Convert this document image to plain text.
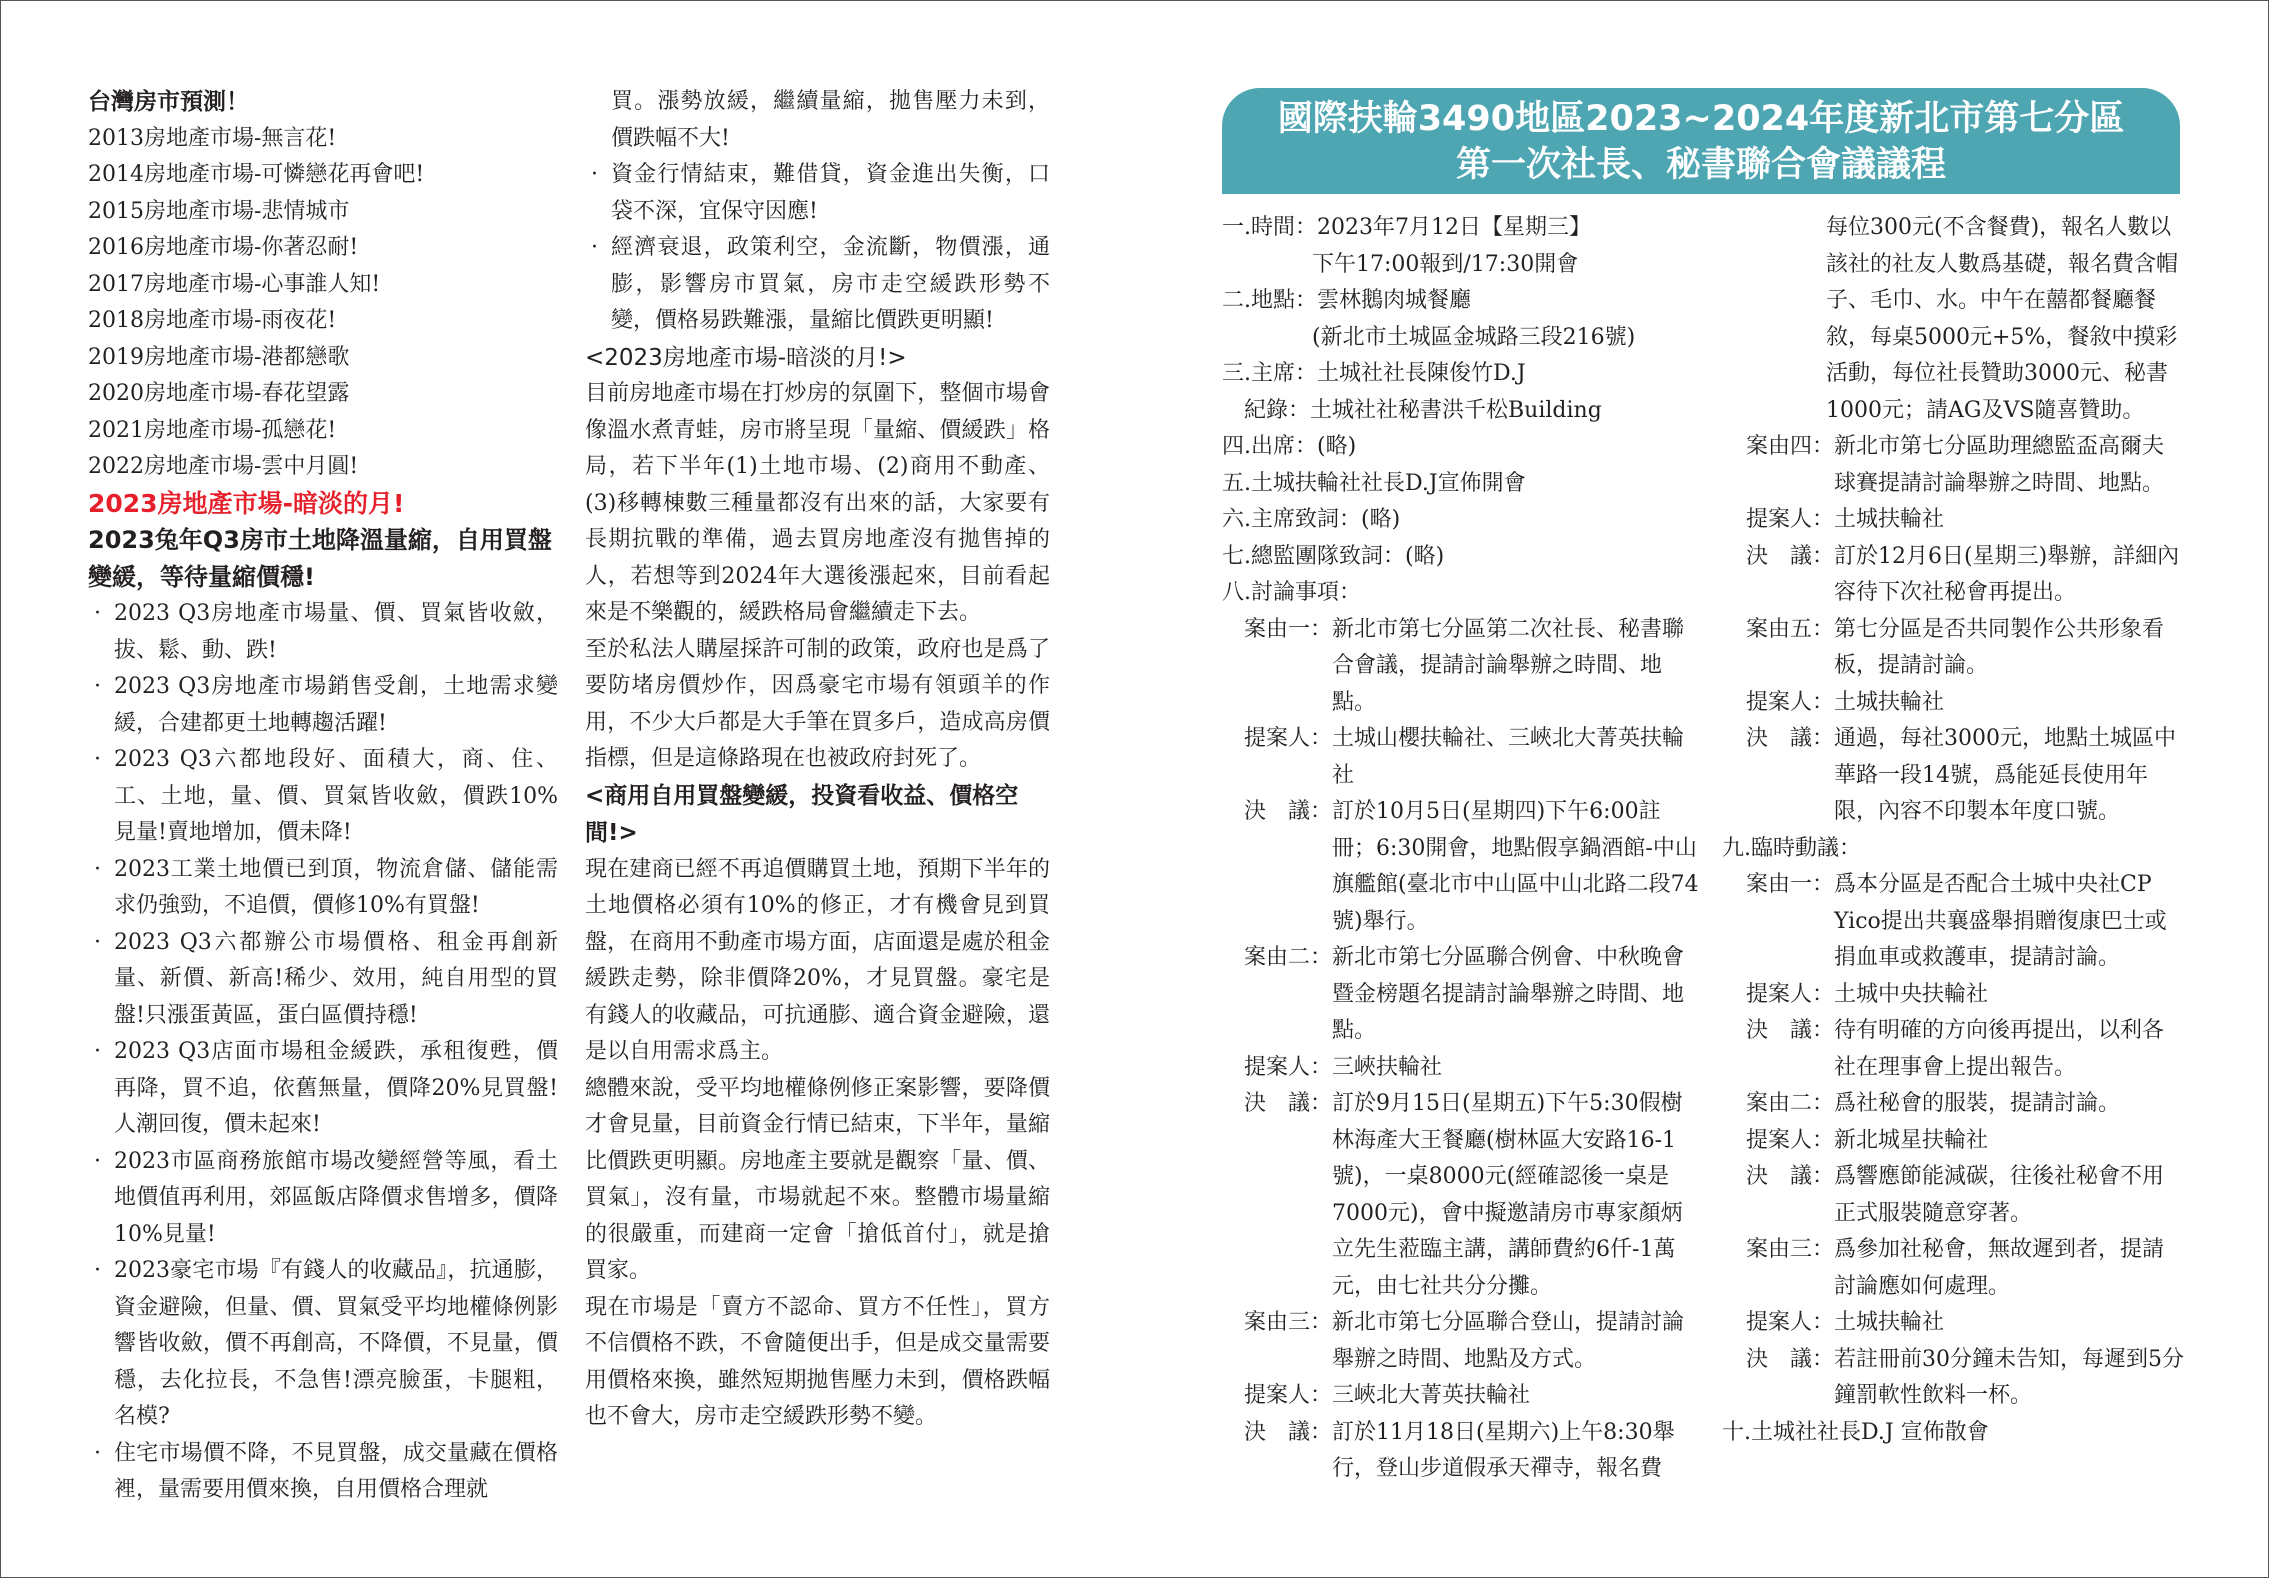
台灣房市預測！
2013房地產市場-無言花!
2014房地產市場-可憐戀花再會吧!
2015房地產市場-悲情城市
2016房地產市場-你著忍耐!
2017房地產市場-心事誰人知!
2018房地產市場-雨夜花!
2019房地產市場-港都戀歌
2020房地產市場-春花望露
2021房地產市場-孤戀花!
2022房地產市場-雲中月圓!
2023房地產市場-暗淡的月!
2023兔年Q3房市土地降溫量縮，自用買盤變緩，等待量縮價穩!
· 2023 Q3房地產市場量、價、買氣皆收斂，拔、鬆、動、跌!
· 2023 Q3房地產市場銷售受創，土地需求變緩，合建都更土地轉趨活躍!
· 2023 Q3六都地段好、面積大，商、住、工、土地，量、價、買氣皆收斂，價跌10%見量!賣地增加，價未降!
· 2023工業土地價已到頂，物流倉儲、儲能需求仍強勁，不追價，價修10%有買盤!
· 2023 Q3六都辦公市場價格、租金再創新量、新價、新高!稀少、效用，純自用型的買盤!只漲蛋黃區，蛋白區價持穩!
· 2023 Q3店面市場租金緩跌，承租復甦，價再降，買不追，依舊無量，價降20%見買盤!人潮回復，價未起來!
· 2023市區商務旅館市場改變經營等風，看土地價值再利用，郊區飯店降價求售增多，價降10%見量!
· 2023豪宅市場『有錢人的收藏品』，抗通膨，資金避險，但量、價、買氣受平均地權條例影響皆收斂，價不再創高，不降價，不見量，價穩，去化拉長，不急售!漂亮臉蛋，卡腿粗，名模?
· 住宅市場價不降，不見買盤，成交量藏在價格裡，量需要用價來換，自用價格合理就
買。漲勢放緩，繼續量縮，拋售壓力未到，價跌幅不大!
· 資金行情結束，難借貸，資金進出失衡，口袋不深，宜保守因應!
· 經濟衰退，政策利空，金流斷，物價漲，通膨，影響房市買氣，房市走空緩跌形勢不變，價格易跌難漲，量縮比價跌更明顯!
<2023房地產市場-暗淡的月!>

目前房地產市場在打炒房的氛圍下，整個市場會像溫水煮青蛙，房市將呈現「量縮、價緩跌」格局，若下半年(1)土地市場、(2)商用不動產、(3)移轉棟數三種量都沒有出來的話，大家要有長期抗戰的準備，過去買房地產沒有拋售掉的人，若想等到2024年大選後漲起來，目前看起來是不樂觀的，緩跌格局會繼續走下去。

至於私法人購屋採許可制的政策，政府也是爲了要防堵房價炒作，因爲豪宅市場有領頭羊的作用，不少大戶都是大手筆在買多戶，造成高房價指標，但是這條路現在也被政府封死了。

<商用自用買盤變緩，投資看收益、價格空間!>

現在建商已經不再追價購買土地，預期下半年的土地價格必須有10%的修正，才有機會見到買盤，在商用不動產市場方面，店面還是處於租金緩跌走勢，除非價降20%，才見買盤。豪宅是有錢人的收藏品，可抗通膨、適合資金避險，還是以自用需求爲主。

總體來說，受平均地權條例修正案影響，要降價才會見量，目前資金行情已結束，下半年，量縮比價跌更明顯。房地產主要就是觀察「量、價、買氣」，沒有量，市場就起不來。整體市場量縮的很嚴重，而建商一定會「搶低首付」，就是搶買家。

現在市場是「賣方不認命、買方不任性」，買方不信價格不跌，不會隨便出手，但是成交量需要用價格來換，雖然短期拋售壓力未到，價格跌幅也不會大，房市走空緩跌形勢不變。

國際扶輪3490地區2023~2024年度新北市第七分區
第一次社長、秘書聯合會議議程
一.時間： 2023年7月12日【星期三】
下午17:00報到/17:30開會
二.地點： 雲林鵝肉城餐廳
(新北市土城區金城路三段216號)
三.主席： 土城社社長陳俊竹D.J
　紀錄： 土城社社秘書洪千松Building
四.出席： (略)
五.土城扶輪社社長D.J宣佈開會
六.主席致詞： (略)
七.總監團隊致詞： (略)
八.討論事項：
案由一： 新北市第七分區第二次社長、秘書聯合會議，提請討論舉辦之時間、地點。
提案人： 土城山櫻扶輪社、三峽北大菁英扶輪社
決　議： 訂於10月5日(星期四)下午6:00註冊；6:30開會，地點假享鍋酒館-中山旗艦館(臺北市中山區中山北路二段74號)舉行。
案由二： 新北市第七分區聯合例會、中秋晚會暨金榜題名提請討論舉辦之時間、地點。
提案人： 三峽扶輪社
決　議： 訂於9月15日(星期五)下午5:30假樹林海產大王餐廳(樹林區大安路16-1號)，一桌8000元(經確認後一桌是7000元)，會中擬邀請房市專家顏炳立先生蒞臨主講，講師費約6仟-1萬元，由七社共分分攤。
案由三： 新北市第七分區聯合登山，提請討論舉辦之時間、地點及方式。
提案人： 三峽北大菁英扶輪社
決　議： 訂於11月18日(星期六)上午8:30舉行，登山步道假承天禪寺，報名費
每位300元(不含餐費)，報名人數以該社的社友人數爲基礎，報名費含帽子、毛巾、水。中午在囍都餐廳餐敘，每桌5000元+5%，餐敘中摸彩活動，每位社長贊助3000元、秘書1000元；請AG及VS隨喜贊助。
案由四： 新北市第七分區助理總監盃高爾夫球賽提請討論舉辦之時間、地點。
提案人： 土城扶輪社
決　議： 訂於12月6日(星期三)舉辦，詳細內容待下次社秘會再提出。
案由五： 第七分區是否共同製作公共形象看板，提請討論。
提案人： 土城扶輪社
決　議： 通過，每社3000元，地點土城區中華路一段14號，爲能延長使用年限，內容不印製本年度口號。
九.臨時動議：
案由一： 爲本分區是否配合土城中央社CP Yico提出共襄盛舉捐贈復康巴士或捐血車或救護車，提請討論。
提案人： 土城中央扶輪社
決　議： 待有明確的方向後再提出，以利各社在理事會上提出報告。
案由二： 爲社秘會的服裝，提請討論。
提案人： 新北城星扶輪社
決　議： 爲響應節能減碳，往後社秘會不用正式服裝隨意穿著。
案由三： 爲參加社秘會，無故遲到者，提請討論應如何處理。
提案人： 土城扶輪社
決　議： 若註冊前30分鐘未告知，每遲到5分鐘罰軟性飲料一杯。
十.土城社社長D.J 宣佈散會
